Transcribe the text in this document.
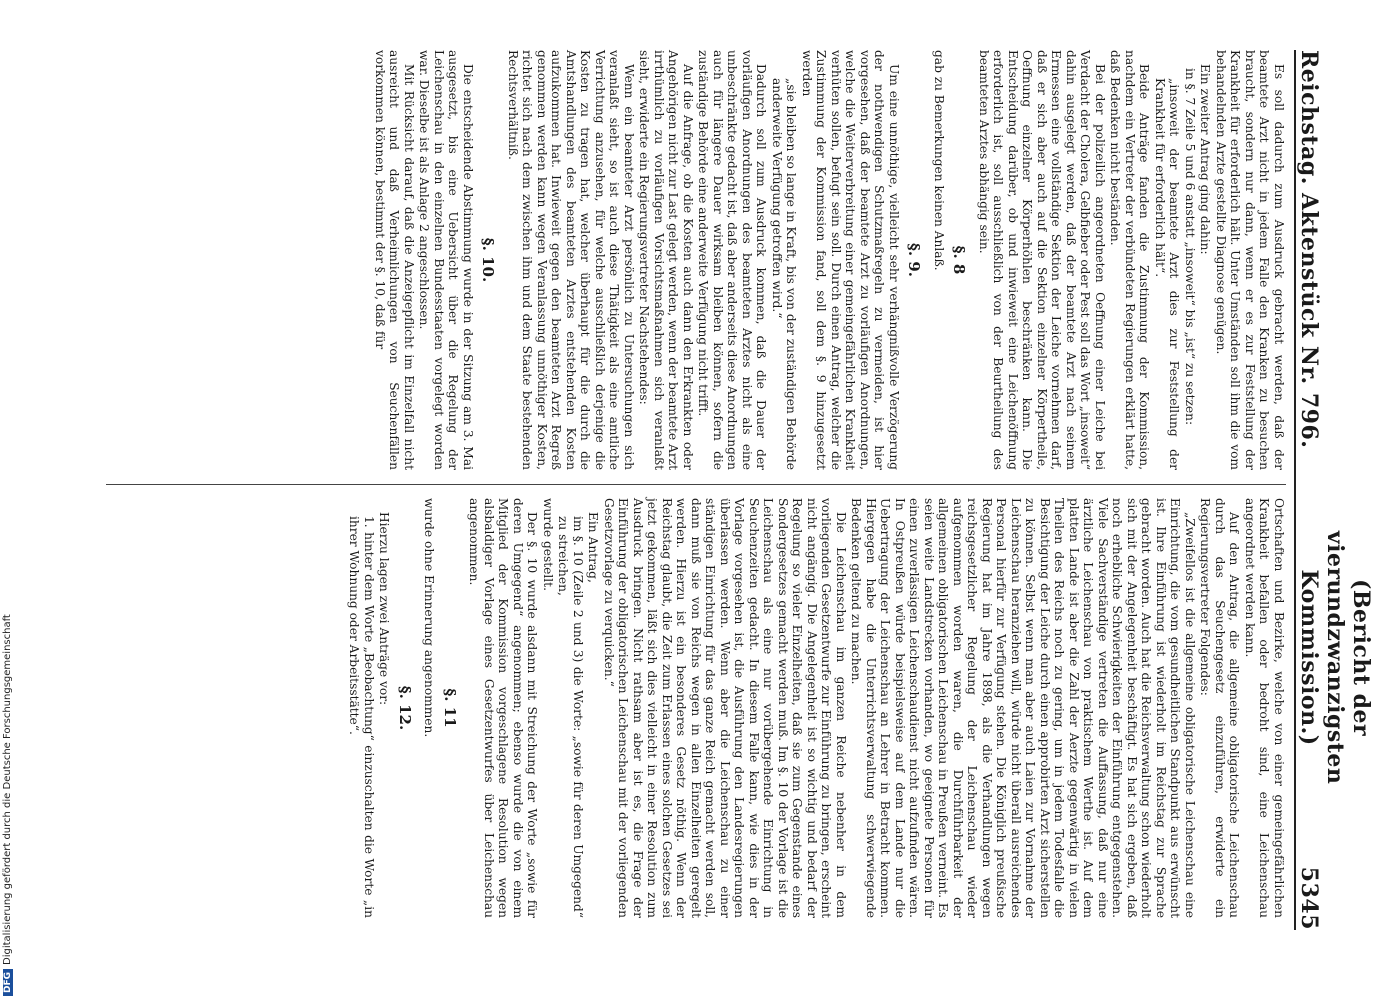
Reichstag. Aktenstück Nr. 796.
(Bericht der vierundzwanzigsten Kommission.)
5345

Es soll dadurch zum Ausdruck gebracht werden, daß der beamtete Arzt nicht in jedem Falle den Kranken zu besuchen braucht, sondern nur dann, wenn er es zur Feststellung der Krankheit für erforderlich hält. Unter Umständen soll ihm die vom behandelnden Arzte gestellte Diagnose genügen.

Ein zweiter Antrag ging dahin:

in §. 7 Zeile 5 und 6 anstatt „insoweit“ bis „ist“ zu setzen:

„insoweit der beamtete Arzt dies zur Feststellung der Krankheit für erforderlich hält“.

Beide Anträge fanden die Zustimmung der Kommission, nachdem ein Vertreter der verbündeten Regierungen erklärt hatte, daß Bedenken nicht beständen.

Bei der polizeilich angeordneten Oeffnung einer Leiche bei Verdacht der Cholera, Gelbfieber oder Pest soll das Wort „insoweit“ dahin ausgelegt werden, daß der beamtete Arzt nach seinem Ermessen eine vollständige Sektion der Leiche vornehmen darf, daß er sich aber auch auf die Sektion einzelner Körpertheile, Oeffnung einzelner Körperhöhlen beschränken kann. Die Entscheidung darüber, ob und inwieweit eine Leichenöffnung erforderlich ist, soll ausschließlich von der Beurtheilung des beamteten Arztes abhängig sein.

§. 8

gab zu Bemerkungen keinen Anlaß.

§. 9.

Um eine unnöthige, vielleicht sehr verhängnißvolle Verzögerung der nothwendigen Schutzmaßregeln zu vermeiden, ist hier vorgesehen, daß der beamtete Arzt zu vorläufigen Anordnungen, welche die Weiterverbreitung einer gemeingefährlichen Krankheit verhüten sollen, befugt sein soll. Durch einen Antrag, welcher die Zustimmung der Kommission fand, soll dem §. 9 hinzugesetzt werden

„sie bleiben so lange in Kraft, bis von der zuständigen Behörde anderweite Verfügung getroffen wird.“

Dadurch soll zum Ausdruck kommen, daß die Dauer der vorläufigen Anordnungen des beamteten Arztes nicht als eine unbeschränkte gedacht ist, daß aber anderseits diese Anordnungen auch für längere Dauer wirksam bleiben können, sofern die zuständige Behörde eine anderweite Verfügung nicht trifft.

Auf die Anfrage, ob die Kosten auch dann den Erkrankten oder Angehörigen nicht zur Last gelegt werden, wenn der beamtete Arzt irrthümlich zu vorläufigen Vorsichtsmaßnahmen sich veranlaßt sieht, erwiderte ein Regierungsvertreter Nachstehendes:

Wenn ein beamteter Arzt persönlich zu Untersuchungen sich veranlaßt sieht, so ist auch diese Thätigkeit als eine amtliche Verrichtung anzusehen, für welche ausschließlich derjenige die Kosten zu tragen hat, welcher überhaupt für die durch die Amtshandlungen des beamteten Arztes entstehenden Kosten aufzukommen hat. Inwieweit gegen den beamteten Arzt Regreß genommen werden kann wegen Veranlassung unnöthiger Kosten, richtet sich nach dem zwischen ihm und dem Staate bestehenden Rechtsverhältniß.

§. 10.

Die entscheidende Abstimmung wurde in der Sitzung am 3. Mai ausgesetzt, bis eine Uebersicht über die Regelung der Leichenschau in den einzelnen Bundesstaaten vorgelegt worden war. Dieselbe ist als Anlage 2 angeschlossen.

Mit Rücksicht darauf, daß die Anzeigepflicht im Einzelfall nicht ausreicht und daß Verheimlichungen von Seuchenfällen vorkommen können, bestimmt der §. 10, daß für

Ortschaften und Bezirke, welche von einer gemeingefährlichen Krankheit befallen oder bedroht sind, eine Leichenschau angeordnet werden kann.

Auf den Antrag, die allgemeine obligatorische Leichenschau durch das Seuchengesetz einzuführen, erwiderte ein Regierungsvertreter Folgendes:

„Zweifellos ist die allgemeine obligatorische Leichenschau eine Einrichtung, die vom gesundheitlichen Standpunkt aus erwünscht ist. Ihre Einführung ist wiederholt im Reichstag zur Sprache gebracht worden. Auch hat die Reichsverwaltung schon wiederholt sich mit der Angelegenheit beschäftigt. Es hat sich ergeben, daß noch erhebliche Schwierigkeiten der Einführung entgegenstehen. Viele Sachverständige vertreten die Auffassung, daß nur eine ärztliche Leichenschau von praktischem Werthe ist. Auf dem platten Lande ist aber die Zahl der Aerzte gegenwärtig in vielen Theilen des Reichs noch zu gering, um in jedem Todesfalle die Besichtigung der Leiche durch einen approbirten Arzt sicherstellen zu können. Selbst wenn man aber auch Laien zur Vornahme der Leichenschau heranziehen will, würde nicht überall ausreichendes Personal hierfür zur Verfügung stehen. Die Königlich preußische Regierung hat im Jahre 1898, als die Verhandlungen wegen reichsgesetzlicher Regelung der Leichenschau wieder aufgenommen worden waren, die Durchführbarkeit der allgemeinen obligatorischen Leichenschau in Preußen verneint. Es seien weite Landstrecken vorhanden, wo geeignete Personen für einen zuverlässigen Leichenschaudienst nicht aufzufinden wären. In Ostpreußen würde beispielsweise auf dem Lande nur die Uebertragung der Leichenschau an Lehrer in Betracht kommen. Hiergegen habe die Unterrichtsverwaltung schwerwiegende Bedenken geltend zu machen.

Die Leichenschau im ganzen Reiche nebenher in dem vorliegenden Gesetzentwurfe zur Einführung zu bringen, erscheint nicht angängig. Die Angelegenheit ist so wichtig und bedarf der Regelung so vieler Einzelheiten, daß sie zum Gegenstande eines Sondergesetzes gemacht werden muß. Im §. 10 der Vorlage ist die Leichenschau als eine nur vorübergehende Einrichtung in Seuchenzeiten gedacht. In diesem Falle kann, wie dies in der Vorlage vorgesehen ist, die Ausführung den Landesregierungen überlassen werden. Wenn aber die Leichenschau zu einer ständigen Einrichtung für das ganze Reich gemacht werden soll, dann muß sie von Reichs wegen in allen Einzelheiten geregelt werden. Hierzu ist ein besonderes Gesetz nöthig. Wenn der Reichstag glaubt, die Zeit zum Erlassen eines solchen Gesetzes sei jetzt gekommen, läßt sich dies vielleicht in einer Resolution zum Ausdruck bringen. Nicht rathsam aber ist es, die Frage der Einführung der obligatorischen Leichenschau mit der vorliegenden Gesetzvorlage zu verquicken.“

Ein Antrag,

im §. 10 (Zeile 2 und 3) die Worte: „sowie für deren Umgegend“ zu streichen,

wurde gestellt.

Der §. 10 wurde alsdann mit Streichung der Worte „sowie für deren Umgegend“ angenommen; ebenso wurde die von einem Mitglied der Kommission vorgeschlagene Resolution wegen alsbaldiger Vorlage eines Gesetzentwurfes über Leichenschau angenommen.

§. 11

wurde ohne Erinnerung angenommen.

§. 12.

Hierzu lagen zwei Anträge vor:

1. hinter dem Worte „Beobachtung“ einzuschalten die Worte „in ihrer Wohnung oder Arbeitsstätte“.

DFGDigitalisierung gefördert durch die Deutsche Forschungsgemeinschaft
